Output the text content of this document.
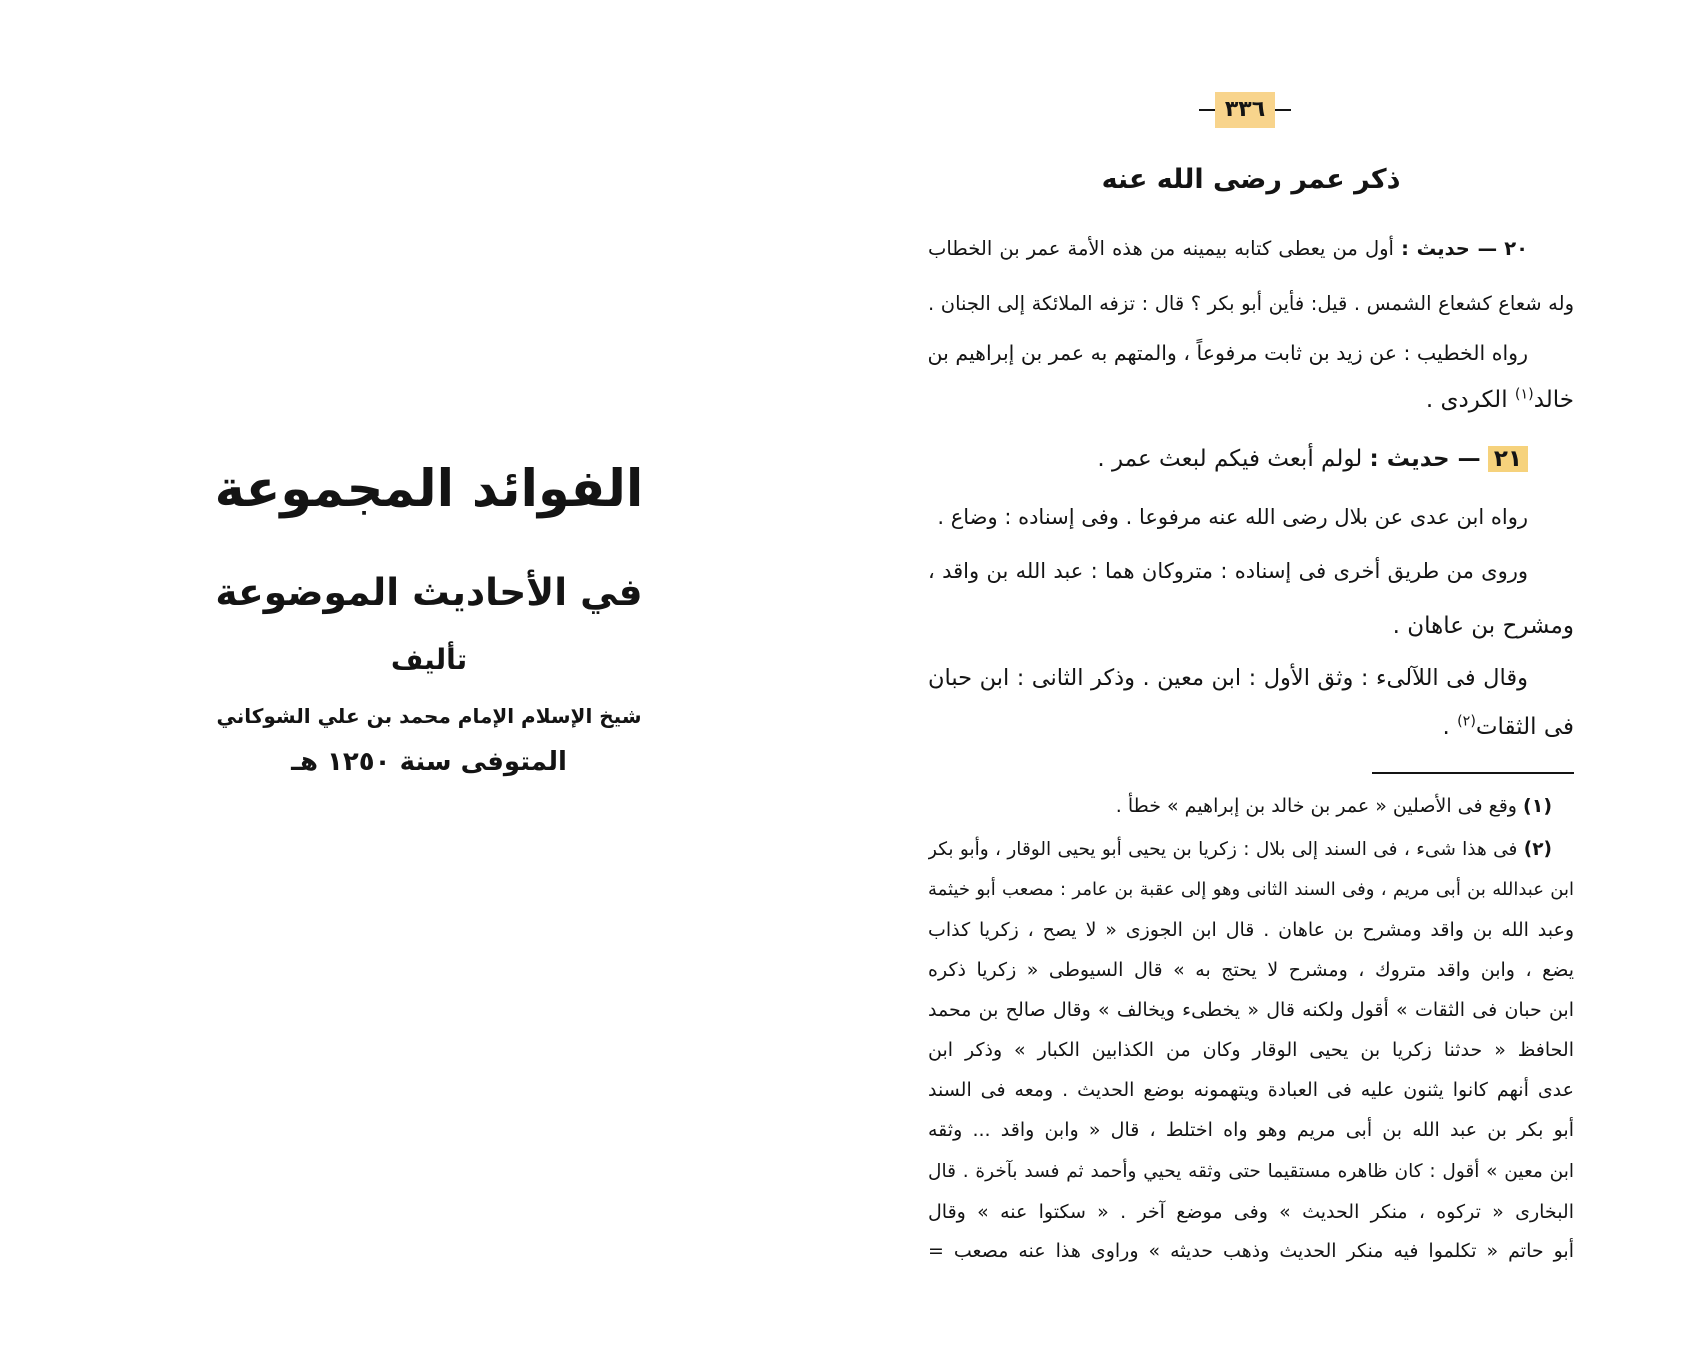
الفوائد المجموعة
في الأحاديث الموضوعة
تأليف
شيخ الإسلام الإمام محمد بن علي الشوكاني
المتوفى سنة ١٢٥٠ هـ
٣٣٦
ذكر عمر رضى الله عنه
٢٠ — حديث : أول من يعطى كتابه بيمينه من هذه الأمة عمر بن الخطاب
وله شعاع كشعاع الشمس . قيل: فأين أبو بكر ؟ قال : تزفه الملائكة إلى الجنان .
رواه الخطيب : عن زيد بن ثابت مرفوعاً ، والمتهم به عمر بن إبراهيم بن
خالد$^{(١)}$ الكردى .
٢١ — حديث : لولم أبعث فيكم لبعث عمر .
رواه ابن عدى عن بلال رضى الله عنه مرفوعا . وفى إسناده : وضاع .
وروى من طريق أخرى فى إسناده : متروكان هما : عبد الله بن واقد ،
ومشرح بن عاهان .
وقال فى اللآلىء : وثق الأول : ابن معين . وذكر الثانى : ابن حبان
فى الثقات$^{(٢)}$ .
(١) وقع فى الأصلين « عمر بن خالد بن إبراهيم » خطأ .
(٢) فى هذا شىء ، فى السند إلى بلال : زكريا بن يحيى أبو يحيى الوقار ، وأبو بكر
ابن عبدالله بن أبى مريم ، وفى السند الثانى وهو إلى عقبة بن عامر : مصعب أبو خيثمة
وعبد الله بن واقد ومشرح بن عاهان . قال ابن الجوزى « لا يصح ، زكريا كذاب
يضع ، وابن واقد متروك ، ومشرح لا يحتج به » قال السيوطى « زكريا ذكره
ابن حبان فى الثقات » أقول ولكنه قال « يخطىء ويخالف » وقال صالح بن محمد
الحافظ « حدثنا زكريا بن يحيى الوقار وكان من الكذابين الكبار » وذكر ابن
عدى أنهم كانوا يثنون عليه فى العبادة ويتهمونه بوضع الحديث . ومعه فى السند
أبو بكر بن عبد الله بن أبى مريم وهو واه اختلط ، قال « وابن واقد ... وثقه
ابن معين » أقول : كان ظاهره مستقيما حتى وثقه يحيي وأحمد ثم فسد بآخرة . قال
البخارى « تركوه ، منكر الحديث » وفى موضع آخر . « سكتوا عنه » وقال
أبو حاتم « تكلموا فيه منكر الحديث وذهب حديثه » وراوى هذا عنه مصعب =
